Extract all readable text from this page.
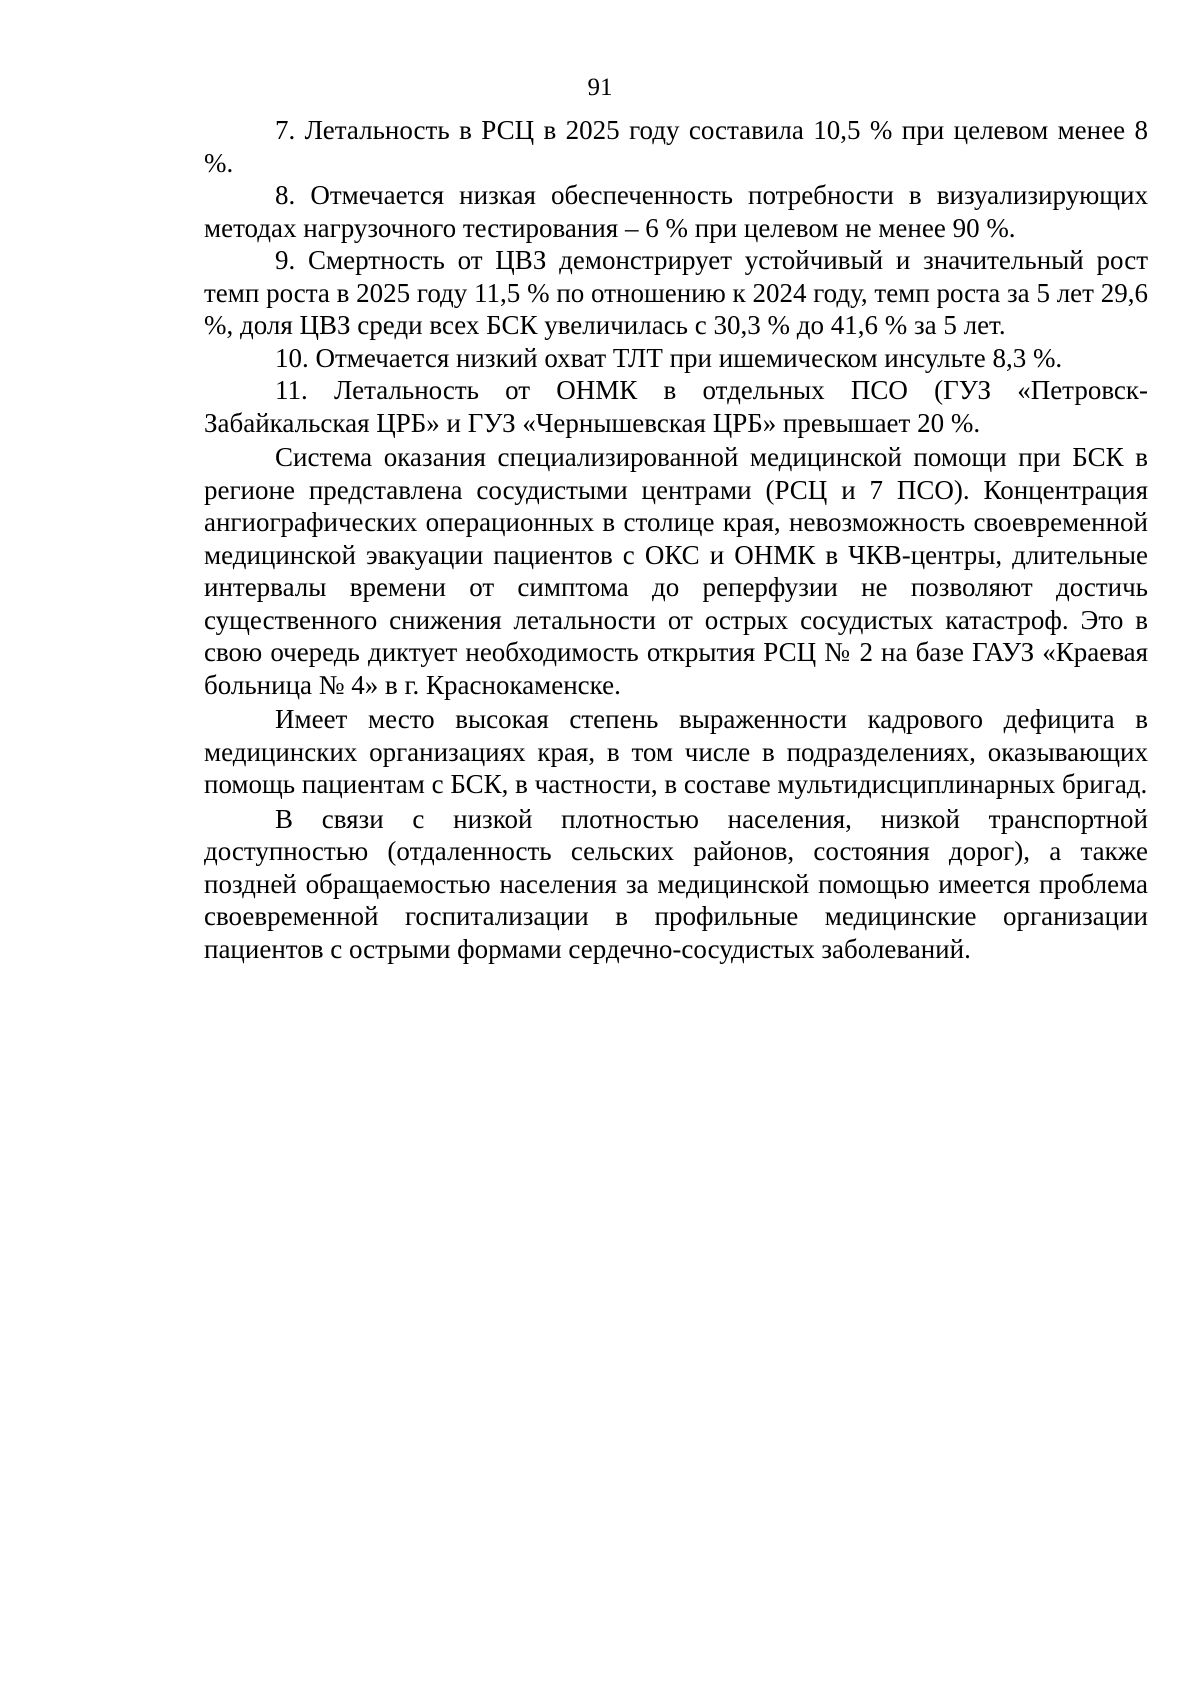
91

7. Летальность в РСЦ в 2025 году составила 10,5 % при целевом менее 8 %.

8. Отмечается низкая обеспеченность потребности в визуализирующих методах нагрузочного тестирования – 6 % при целевом не менее 90 %.

9. Смертность от ЦВЗ демонстрирует устойчивый и значительный рост темп роста в 2025 году 11,5 % по отношению к 2024 году, темп роста за 5 лет 29,6 %, доля ЦВЗ среди всех БСК увеличилась с 30,3 % до 41,6 % за 5 лет.

10. Отмечается низкий охват ТЛТ при ишемическом инсульте 8,3 %.

11. Летальность от ОНМК в отдельных ПСО (ГУЗ «Петровск-Забайкальская ЦРБ» и ГУЗ «Чернышевская ЦРБ» превышает 20 %.

Система оказания специализированной медицинской помощи при БСК в регионе представлена сосудистыми центрами (РСЦ и 7 ПСО). Концентрация ангиографических операционных в столице края, невозможность своевременной медицинской эвакуации пациентов с ОКС и ОНМК в ЧКВ-центры, длительные интервалы времени от симптома до реперфузии не позволяют достичь существенного снижения летальности от острых сосудистых катастроф. Это в свою очередь диктует необходимость открытия РСЦ № 2 на базе ГАУЗ «Краевая больница № 4» в г. Краснокаменске.

Имеет место высокая степень выраженности кадрового дефицита в медицинских организациях края, в том числе в подразделениях, оказывающих помощь пациентам с БСК, в частности, в составе мультидисциплинарных бригад.

В связи с низкой плотностью населения, низкой транспортной доступностью (отдаленность сельских районов, состояния дорог), а также поздней обращаемостью населения за медицинской помощью имеется проблема своевременной госпитализации в профильные медицинские организации пациентов с острыми формами сердечно-сосудистых заболеваний.
